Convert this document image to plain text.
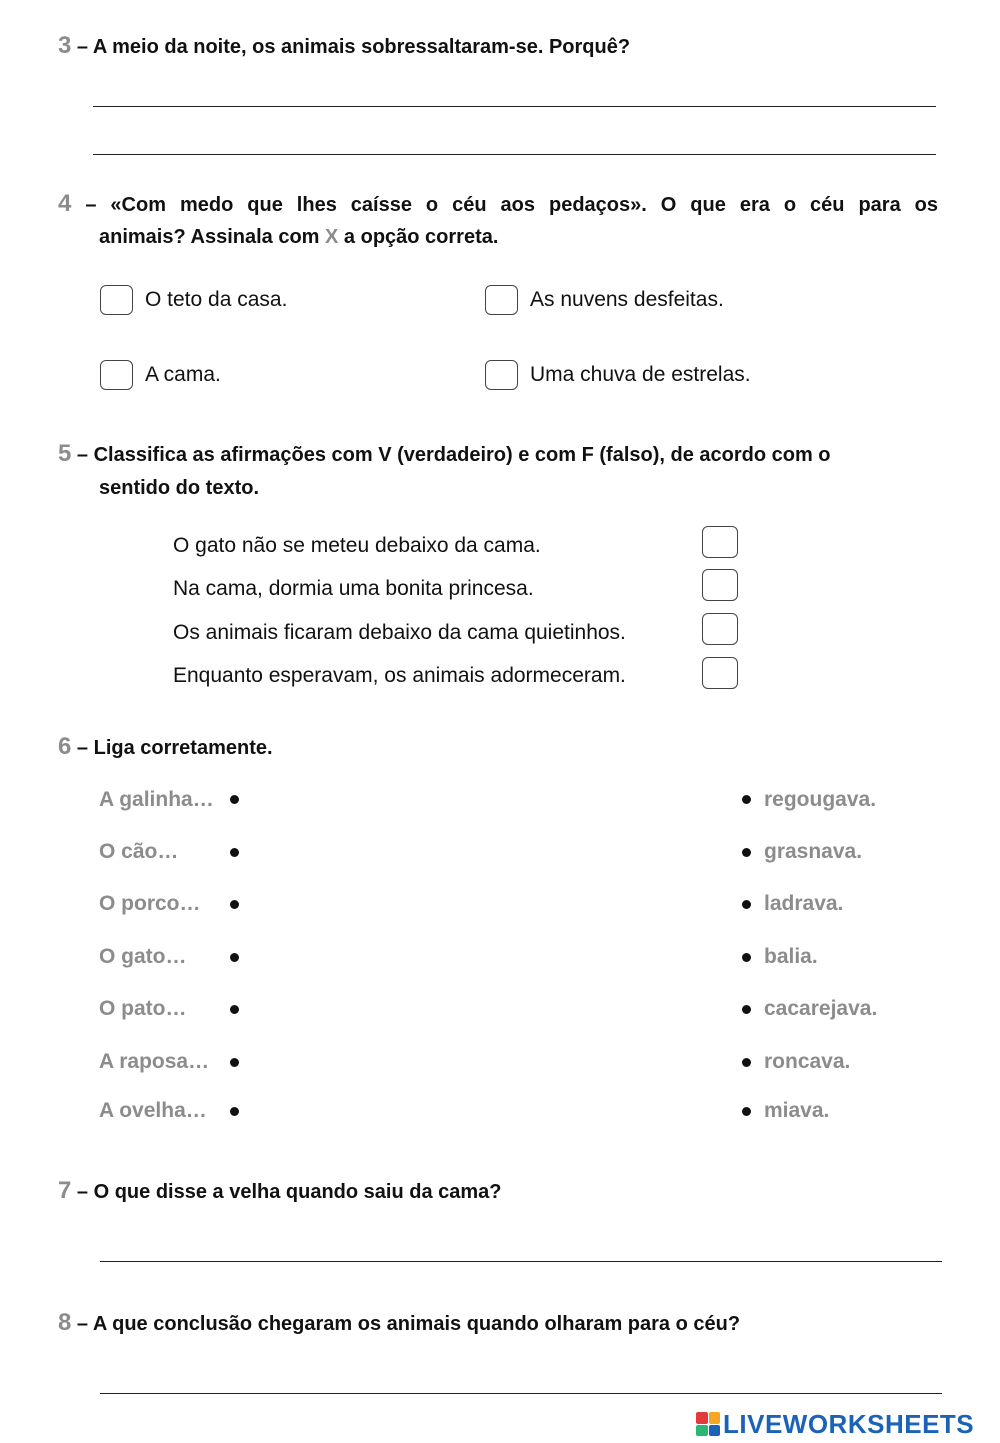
3 – A meio da noite, os animais sobressaltaram-se. Porquê?
4 – «Com medo que lhes caísse o céu aos pedaços». O que era o céu para os
animais? Assinala com X a opção correta.
O teto da casa.	As nuvens desfeitas.
A cama.	Uma chuva de estrelas.
5 – Classifica as afirmações com V (verdadeiro) e com F (falso), de acordo com o
sentido do texto.
O gato não se meteu debaixo da cama.
Na cama, dormia uma bonita princesa.
Os animais ficaram debaixo da cama quietinhos.
Enquanto esperavam, os animais adormeceram.
6 – Liga corretamente.
A galinha…	regougava.
O cão…	grasnava.
O porco…	ladrava.
O gato…	balia.
O pato…	cacarejava.
A raposa…	roncava.
A ovelha…	miava.
7 – O que disse a velha quando saiu da cama?
8 – A que conclusão chegaram os animais quando olharam para o céu?
LIVEWORKSHEETS
